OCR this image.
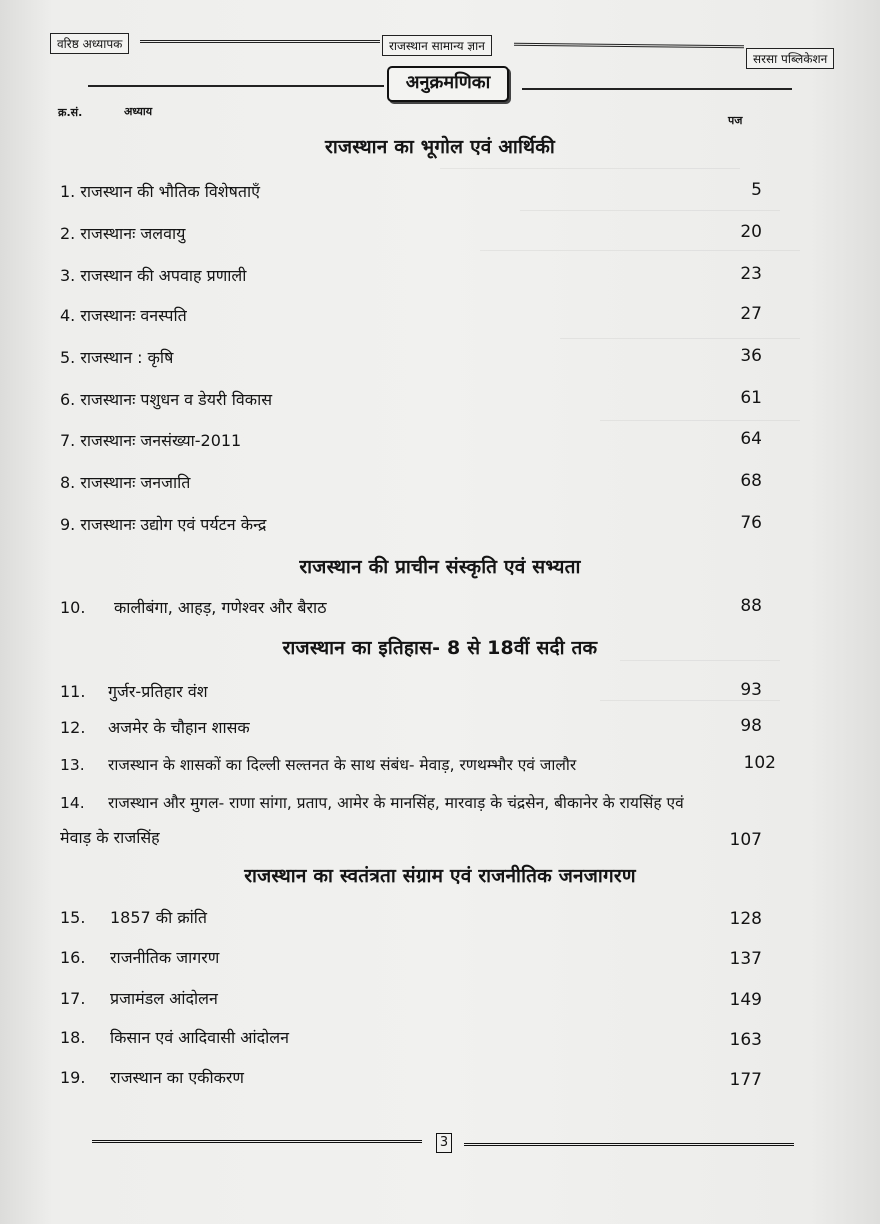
वरिष्ठ अध्यापक	राजस्थान सामान्य ज्ञान
सरसा पब्लिकेशन
अनुक्रमणिका
क्र.सं.	अध्याय
पज
राजस्थान का भूगोल एवं आर्थिकी
1. राजस्थान की भौतिक विशेषताएँ	5
2. राजस्थानः जलवायु	20
3. राजस्थान की अपवाह प्रणाली	23
4. राजस्थानः वनस्पति	27
5. राजस्थान : कृषि	36
6. राजस्थानः पशुधन व डेयरी विकास	61
7. राजस्थानः जनसंख्या-2011	64
8. राजस्थानः जनजाति	68
9. राजस्थानः उद्योग एवं पर्यटन केन्द्र	76
राजस्थान की प्राचीन संस्कृति एवं सभ्यता
10. कालीबंगा, आहड़, गणेश्वर और बैराठ	88
राजस्थान का इतिहास- 8 से 18वीं सदी तक
11. गुर्जर-प्रतिहार वंश	93
12. अजमेर के चौहान शासक	98
13. राजस्थान के शासकों का दिल्ली सल्तनत के साथ संबंध- मेवाड़, रणथम्भौर एवं जालौर	102
14. राजस्थान और मुगल- राणा सांगा, प्रताप, आमेर के मानसिंह, मारवाड़ के चंद्रसेन, बीकानेर के रायसिंह एवं
मेवाड़ के राजसिंह	107
राजस्थान का स्वतंत्रता संग्राम एवं राजनीतिक जनजागरण
15. 1857 की क्रांति	128
16. राजनीतिक जागरण	137
17. प्रजामंडल आंदोलन	149
18. किसान एवं आदिवासी आंदोलन	163
19. राजस्थान का एकीकरण	177
3
